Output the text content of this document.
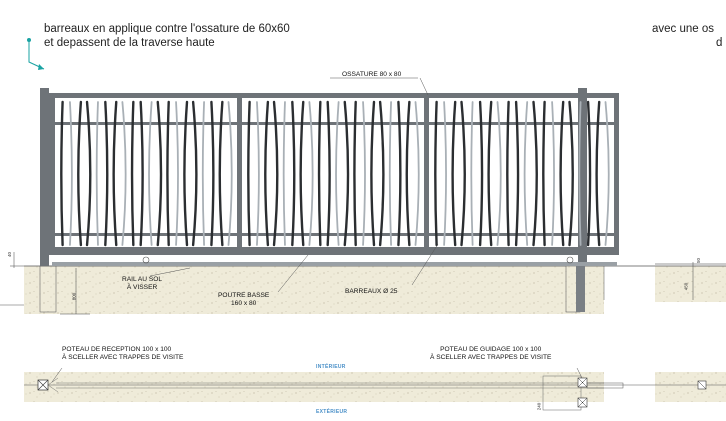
barreaux en applique contre l'ossature de 60x60
et depassent de la traverse haute
avec une os
d
OSSATURE 80 x 80
RAIL AU SOL
À VISSER
POUTRE BASSE
160 x 80
BARREAUX Ø 25
POTEAU DE RECEPTION 100 x 100
À SCELLER AVEC TRAPPES DE VISITE
POTEAU DE GUIDAGE 100 x 100
À SCELLER AVEC TRAPPES DE VISITE
INTÉRIEUR
EXTÉRIEUR
40
800
50
450
240
